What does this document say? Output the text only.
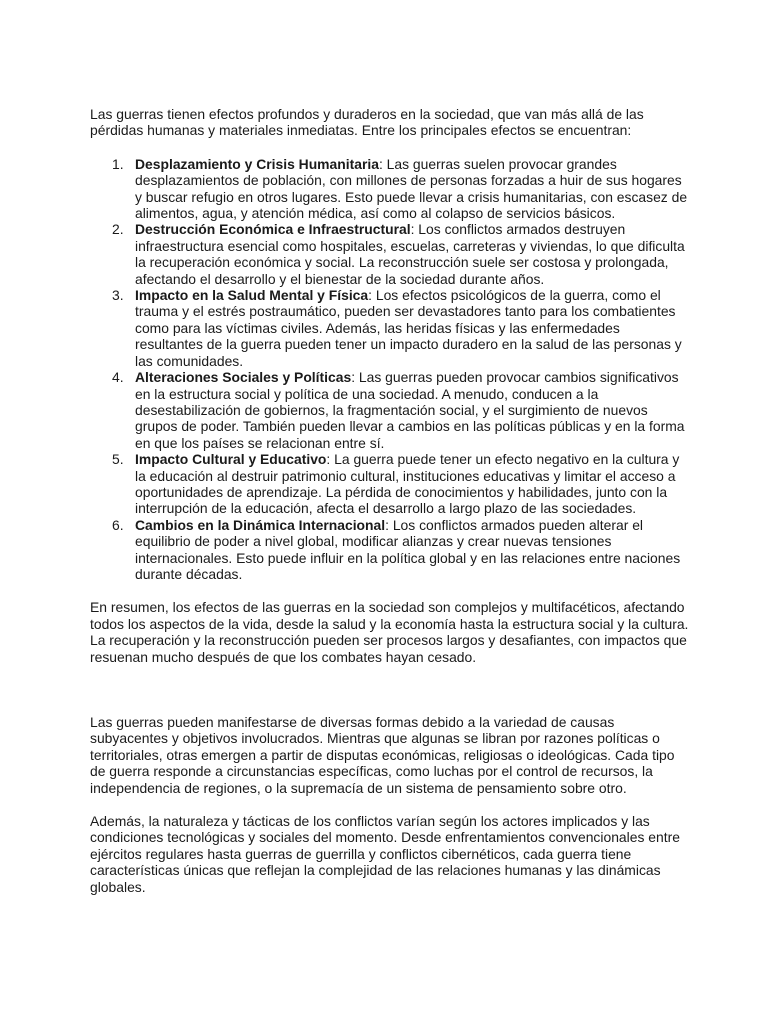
Las guerras tienen efectos profundos y duraderos en la sociedad, que van más allá de las pérdidas humanas y materiales inmediatas. Entre los principales efectos se encuentran:

1. Desplazamiento y Crisis Humanitaria: Las guerras suelen provocar grandes desplazamientos de población, con millones de personas forzadas a huir de sus hogares y buscar refugio en otros lugares. Esto puede llevar a crisis humanitarias, con escasez de alimentos, agua, y atención médica, así como al colapso de servicios básicos.
2. Destrucción Económica e Infraestructural: Los conflictos armados destruyen infraestructura esencial como hospitales, escuelas, carreteras y viviendas, lo que dificulta la recuperación económica y social. La reconstrucción suele ser costosa y prolongada, afectando el desarrollo y el bienestar de la sociedad durante años.
3. Impacto en la Salud Mental y Física: Los efectos psicológicos de la guerra, como el trauma y el estrés postraumático, pueden ser devastadores tanto para los combatientes como para las víctimas civiles. Además, las heridas físicas y las enfermedades resultantes de la guerra pueden tener un impacto duradero en la salud de las personas y las comunidades.
4. Alteraciones Sociales y Políticas: Las guerras pueden provocar cambios significativos en la estructura social y política de una sociedad. A menudo, conducen a la desestabilización de gobiernos, la fragmentación social, y el surgimiento de nuevos grupos de poder. También pueden llevar a cambios en las políticas públicas y en la forma en que los países se relacionan entre sí.
5. Impacto Cultural y Educativo: La guerra puede tener un efecto negativo en la cultura y la educación al destruir patrimonio cultural, instituciones educativas y limitar el acceso a oportunidades de aprendizaje. La pérdida de conocimientos y habilidades, junto con la interrupción de la educación, afecta el desarrollo a largo plazo de las sociedades.
6. Cambios en la Dinámica Internacional: Los conflictos armados pueden alterar el equilibrio de poder a nivel global, modificar alianzas y crear nuevas tensiones internacionales. Esto puede influir en la política global y en las relaciones entre naciones durante décadas.

En resumen, los efectos de las guerras en la sociedad son complejos y multifacéticos, afectando todos los aspectos de la vida, desde la salud y la economía hasta la estructura social y la cultura. La recuperación y la reconstrucción pueden ser procesos largos y desafiantes, con impactos que resuenan mucho después de que los combates hayan cesado.

Las guerras pueden manifestarse de diversas formas debido a la variedad de causas subyacentes y objetivos involucrados. Mientras que algunas se libran por razones políticas o territoriales, otras emergen a partir de disputas económicas, religiosas o ideológicas. Cada tipo de guerra responde a circunstancias específicas, como luchas por el control de recursos, la independencia de regiones, o la supremacía de un sistema de pensamiento sobre otro.

Además, la naturaleza y tácticas de los conflictos varían según los actores implicados y las condiciones tecnológicas y sociales del momento. Desde enfrentamientos convencionales entre ejércitos regulares hasta guerras de guerrilla y conflictos cibernéticos, cada guerra tiene características únicas que reflejan la complejidad de las relaciones humanas y las dinámicas globales.
